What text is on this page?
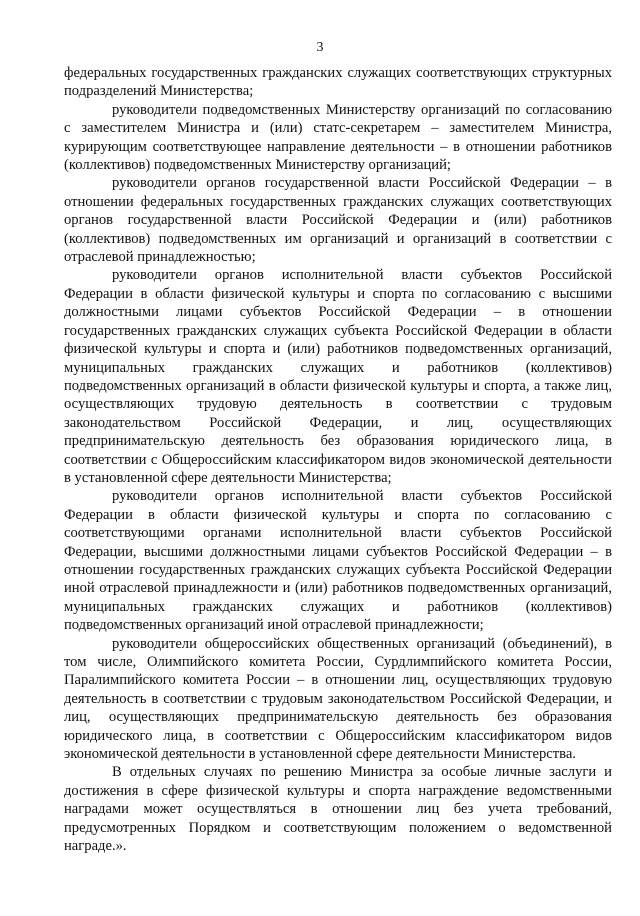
3

федеральных государственных гражданских служащих соответствующих структурных подразделений Министерства;

руководители подведомственных Министерству организаций по согласованию с заместителем Министра и (или) статс-секретарем – заместителем Министра, курирующим соответствующее направление деятельности – в отношении работников (коллективов) подведомственных Министерству организаций;

руководители органов государственной власти Российской Федерации – в отношении федеральных государственных гражданских служащих соответствующих органов государственной власти Российской Федерации и (или) работников (коллективов) подведомственных им организаций и организаций в соответствии с отраслевой принадлежностью;

руководители органов исполнительной власти субъектов Российской Федерации в области физической культуры и спорта по согласованию с высшими должностными лицами субъектов Российской Федерации – в отношении государственных гражданских служащих субъекта Российской Федерации в области физической культуры и спорта и (или) работников подведомственных организаций, муниципальных гражданских служащих и работников (коллективов) подведомственных организаций в области физической культуры и спорта, а также лиц, осуществляющих трудовую деятельность в соответствии с трудовым законодательством Российской Федерации, и лиц, осуществляющих предпринимательскую деятельность без образования юридического лица, в соответствии с Общероссийским классификатором видов экономической деятельности в установленной сфере деятельности Министерства;

руководители органов исполнительной власти субъектов Российской Федерации в области физической культуры и спорта по согласованию с соответствующими органами исполнительной власти субъектов Российской Федерации, высшими должностными лицами субъектов Российской Федерации – в отношении государственных гражданских служащих субъекта Российской Федерации иной отраслевой принадлежности и (или) работников подведомственных организаций, муниципальных гражданских служащих и работников (коллективов) подведомственных организаций иной отраслевой принадлежности;

руководители общероссийских общественных организаций (объединений), в том числе, Олимпийского комитета России, Сурдлимпийского комитета России, Паралимпийского комитета России – в отношении лиц, осуществляющих трудовую деятельность в соответствии с трудовым законодательством Российской Федерации, и лиц, осуществляющих предпринимательскую деятельность без образования юридического лица, в соответствии с Общероссийским классификатором видов экономической деятельности в установленной сфере деятельности Министерства.

В отдельных случаях по решению Министра за особые личные заслуги и достижения в сфере физической культуры и спорта награждение ведомственными наградами может осуществляться в отношении лиц без учета требований, предусмотренных Порядком и соответствующим положением о ведомственной награде.».
